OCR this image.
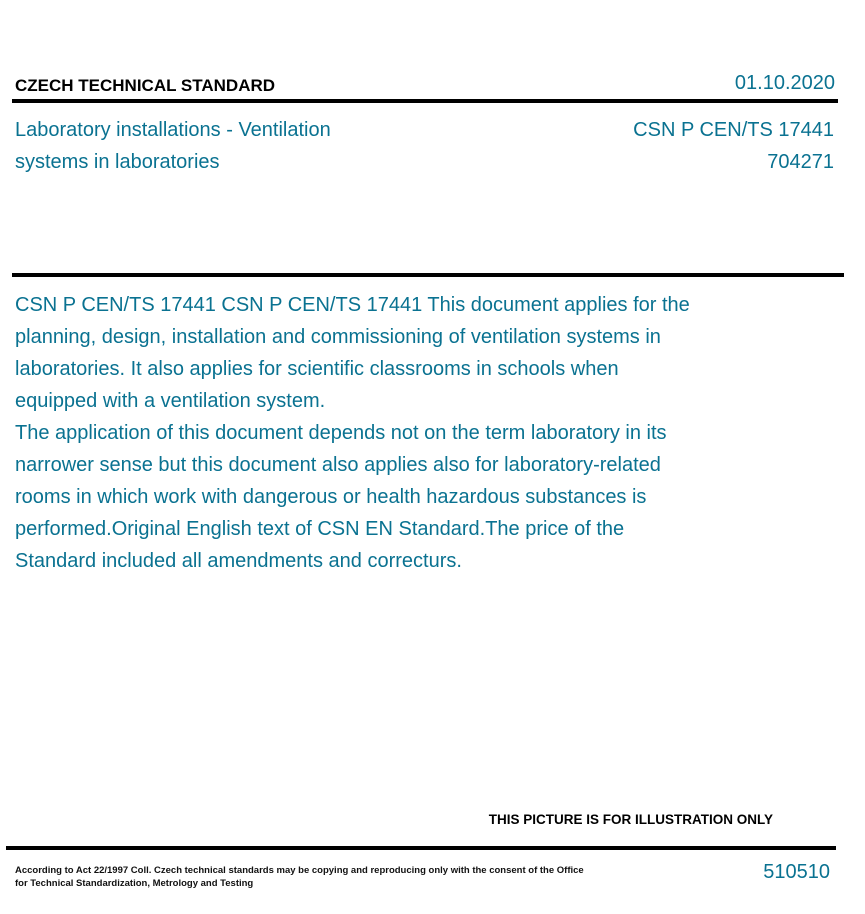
CZECH TECHNICAL STANDARD	01.10.2020
Laboratory installations - Ventilation systems in laboratories
CSN P CEN/TS 17441
704271
CSN P CEN/TS 17441 CSN P CEN/TS 17441 This document applies for the planning, design, installation and commissioning of ventilation systems in laboratories. It also applies for scientific classrooms in schools when equipped with a ventilation system.
The application of this document depends not on the term laboratory in its narrower sense but this document also applies also for laboratory-related rooms in which work with dangerous or health hazardous substances is performed.Original English text of CSN EN Standard.The price of the Standard included all amendments and correcturs.
THIS PICTURE IS FOR ILLUSTRATION ONLY
According to Act 22/1997 Coll. Czech technical standards may be copying and reproducing only with the consent of the Office for Technical Standardization, Metrology and Testing
510510
